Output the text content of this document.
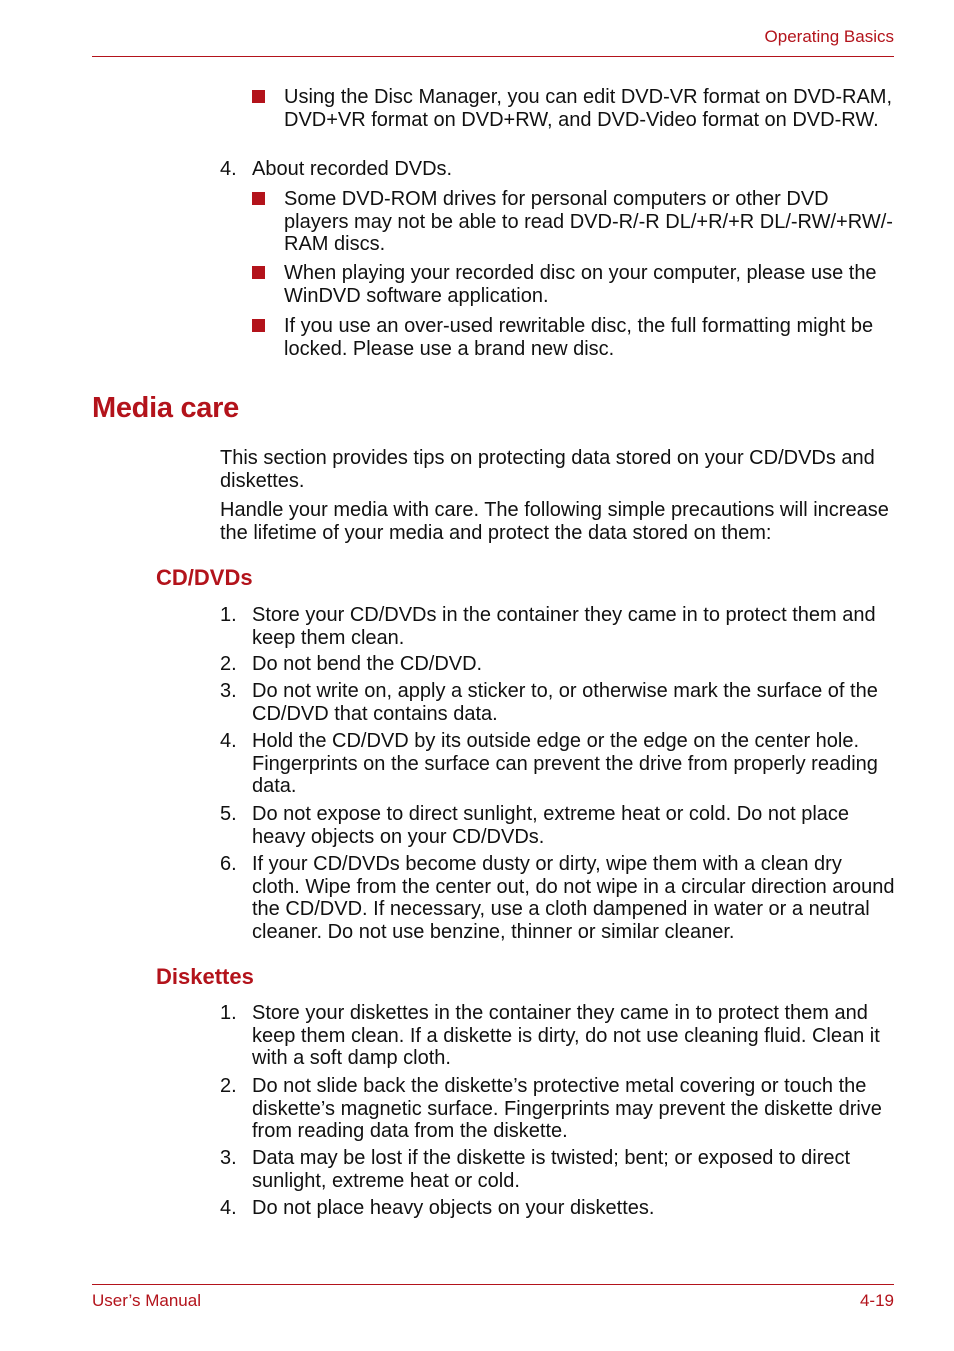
Operating Basics
Using the Disc Manager, you can edit DVD-VR format on DVD-RAM, DVD+VR format on DVD+RW, and DVD-Video format on DVD-RW.
4. About recorded DVDs.
Some DVD-ROM drives for personal computers or other DVD players may not be able to read DVD-R/-R DL/+R/+R DL/-RW/+RW/-RAM discs.
When playing your recorded disc on your computer, please use the WinDVD software application.
If you use an over-used rewritable disc, the full formatting might be locked. Please use a brand new disc.
Media care

This section provides tips on protecting data stored on your CD/DVDs and diskettes.

Handle your media with care. The following simple precautions will increase the lifetime of your media and protect the data stored on them:

CD/DVDs
1. Store your CD/DVDs in the container they came in to protect them and keep them clean.
2. Do not bend the CD/DVD.
3. Do not write on, apply a sticker to, or otherwise mark the surface of the CD/DVD that contains data.
4. Hold the CD/DVD by its outside edge or the edge on the center hole. Fingerprints on the surface can prevent the drive from properly reading data.
5. Do not expose to direct sunlight, extreme heat or cold. Do not place heavy objects on your CD/DVDs.
6. If your CD/DVDs become dusty or dirty, wipe them with a clean dry cloth. Wipe from the center out, do not wipe in a circular direction around the CD/DVD. If necessary, use a cloth dampened in water or a neutral cleaner. Do not use benzine, thinner or similar cleaner.
Diskettes
1. Store your diskettes in the container they came in to protect them and keep them clean. If a diskette is dirty, do not use cleaning fluid. Clean it with a soft damp cloth.
2. Do not slide back the diskette’s protective metal covering or touch the diskette’s magnetic surface. Fingerprints may prevent the diskette drive from reading data from the diskette.
3. Data may be lost if the diskette is twisted; bent; or exposed to direct sunlight, extreme heat or cold.
4. Do not place heavy objects on your diskettes.
User’s Manual	4-19
